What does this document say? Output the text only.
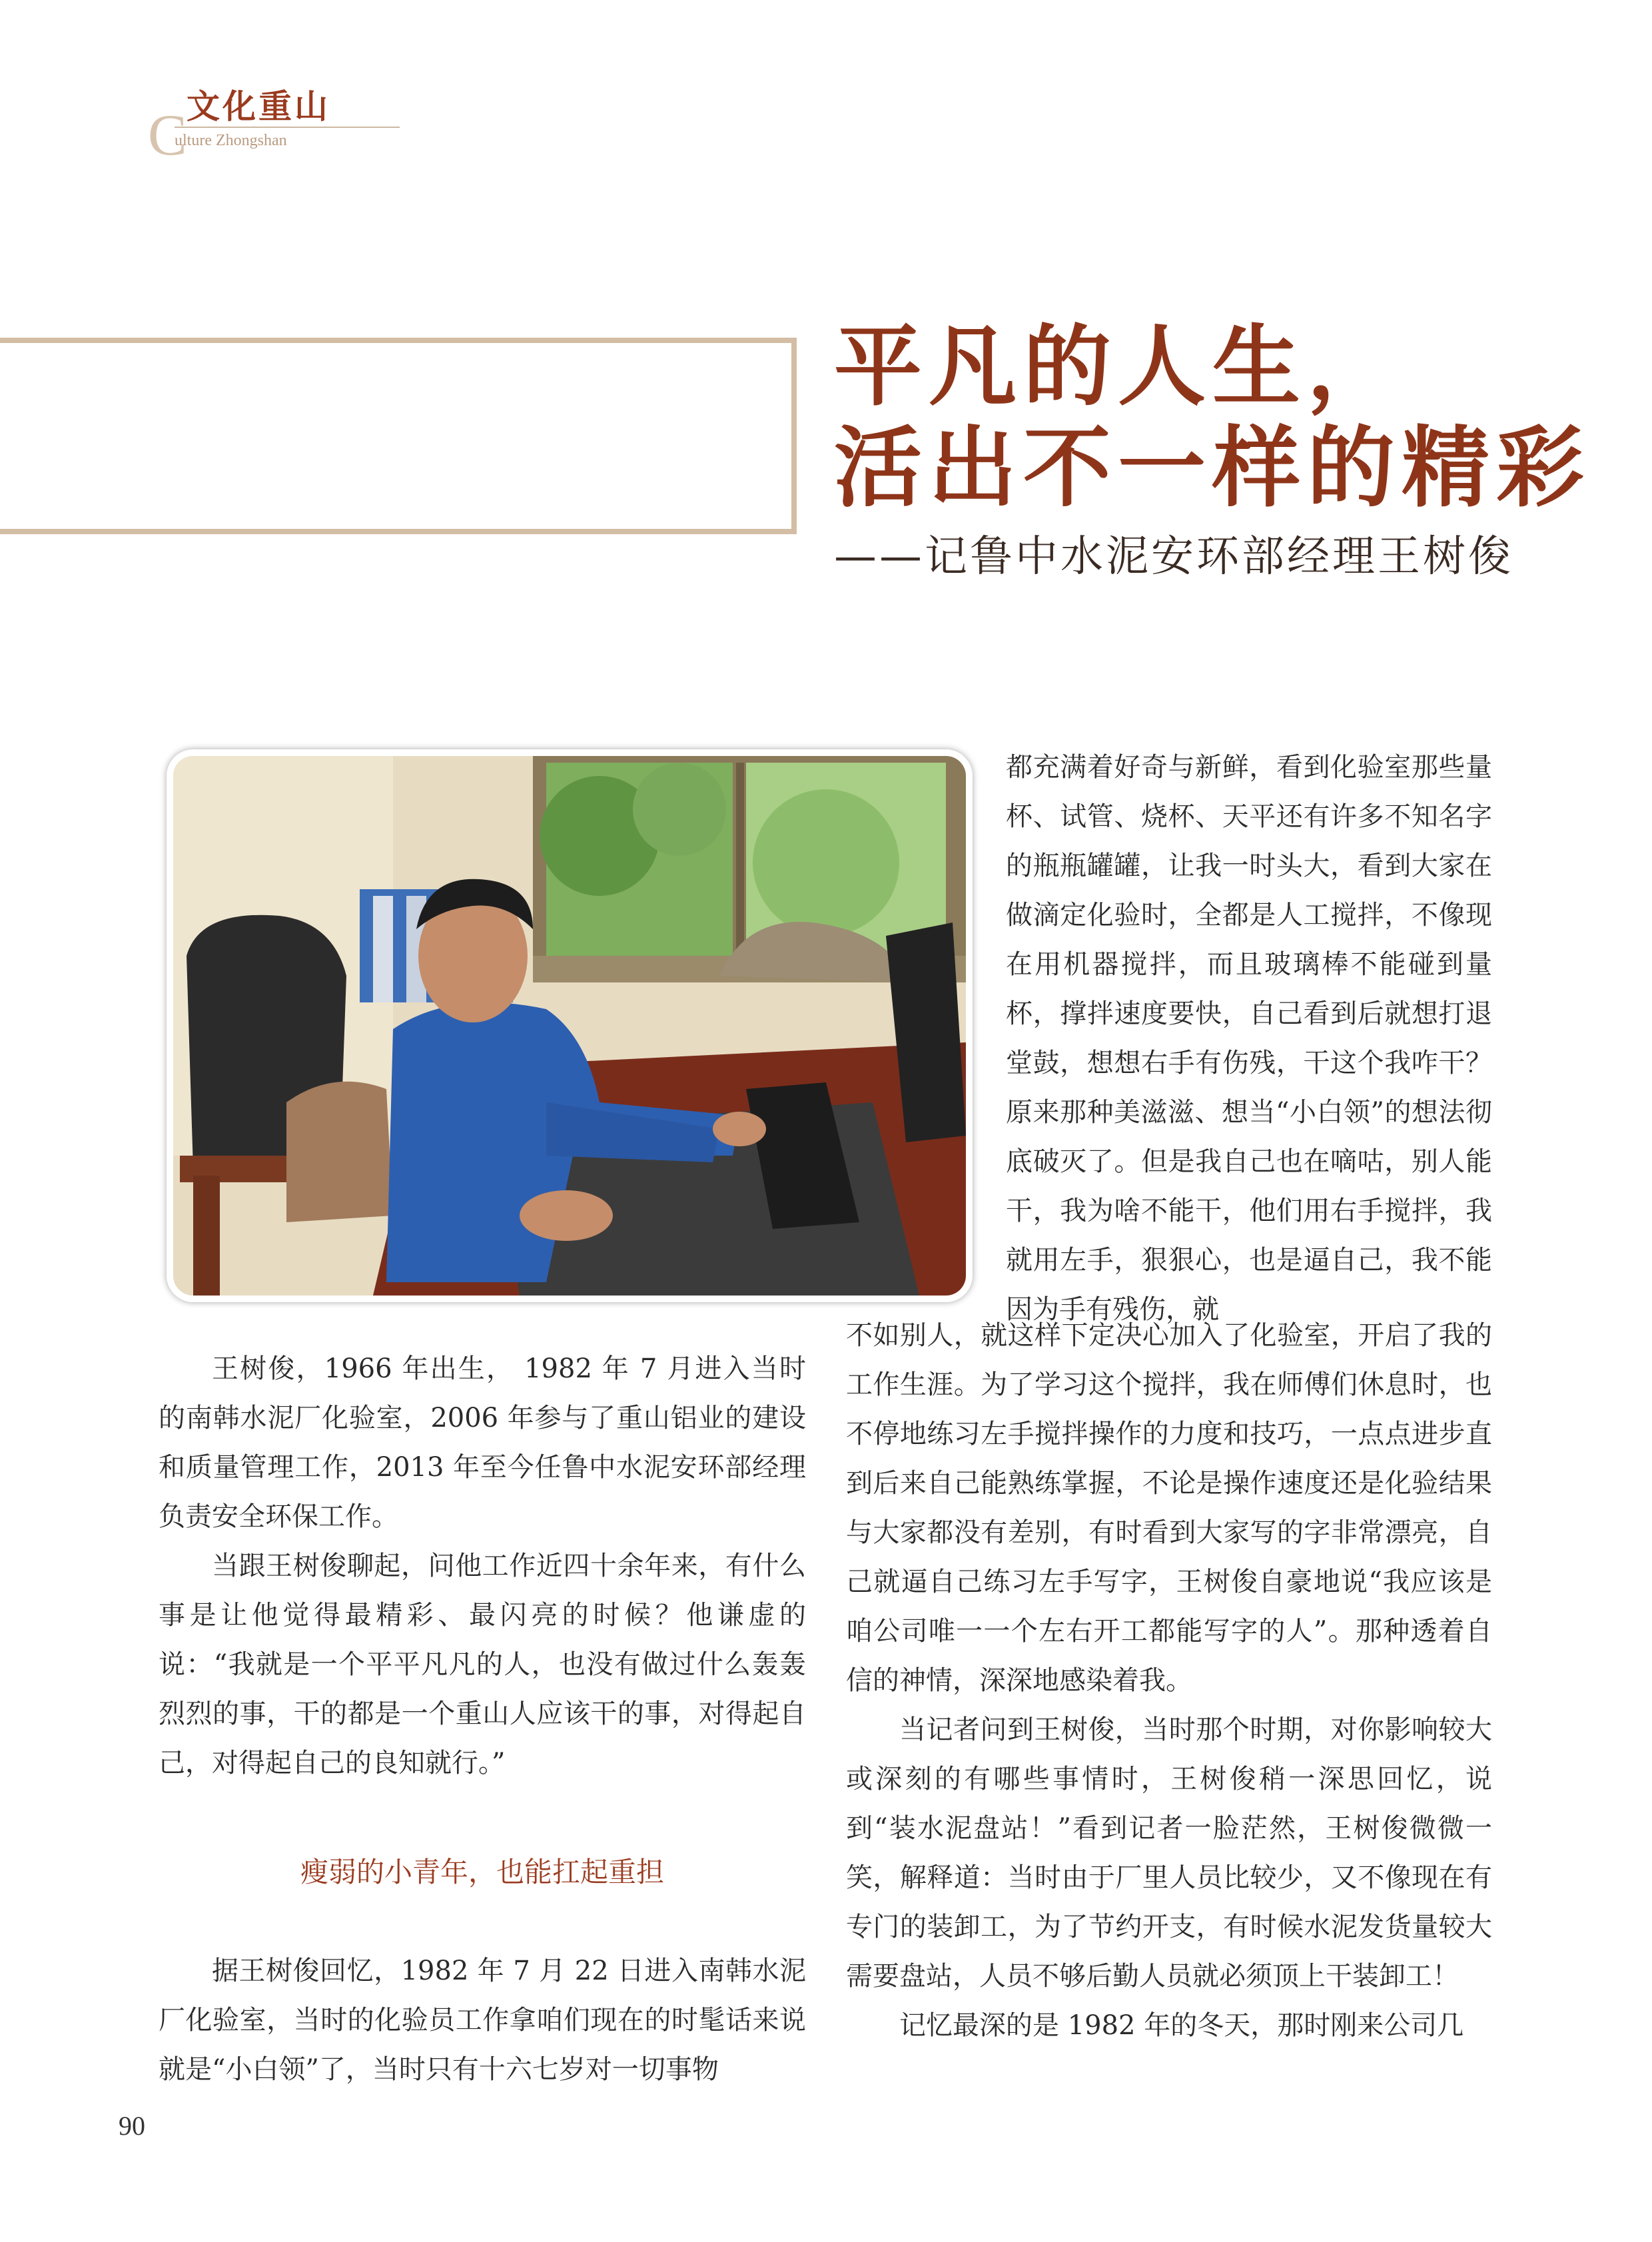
文化重山
C
ulture Zhongshan
平凡的人生，
活出不一样的精彩
——记鲁中水泥安环部经理王树俊

都充满着好奇与新鲜，看到化验室那些量杯、试管、烧杯、天平还有许多不知名字的瓶瓶罐罐，让我一时头大，看到大家在做滴定化验时，全都是人工搅拌，不像现在用机器搅拌，而且玻璃棒不能碰到量杯，撑拌速度要快，自己看到后就想打退堂鼓，想想右手有伤残，干这个我咋干？原来那种美滋滋、想当“小白领”的想法彻底破灭了。但是我自己也在嘀咕，别人能干，我为啥不能干，他们用右手搅拌，我就用左手，狠狠心，也是逼自己，我不能因为手有残伤，就

王树俊，1966 年出生， 1982 年 7 月进入当时的南韩水泥厂化验室，2006 年参与了重山铝业的建设和质量管理工作，2013 年至今任鲁中水泥安环部经理负责安全环保工作。

当跟王树俊聊起，问他工作近四十余年来，有什么事是让他觉得最精彩、最闪亮的时候？他谦虚的说：“我就是一个平平凡凡的人，也没有做过什么轰轰烈烈的事，干的都是一个重山人应该干的事，对得起自己，对得起自己的良知就行。”

瘦弱的小青年，也能扛起重担

据王树俊回忆，1982 年 7 月 22 日进入南韩水泥厂化验室，当时的化验员工作拿咱们现在的时髦话来说就是“小白领”了，当时只有十六七岁对一切事物

不如别人，就这样下定决心加入了化验室，开启了我的工作生涯。为了学习这个搅拌，我在师傅们休息时，也不停地练习左手搅拌操作的力度和技巧，一点点进步直到后来自己能熟练掌握，不论是操作速度还是化验结果与大家都没有差别，有时看到大家写的字非常漂亮，自己就逼自己练习左手写字，王树俊自豪地说“我应该是咱公司唯一一个左右开工都能写字的人”。那种透着自信的神情，深深地感染着我。

当记者问到王树俊，当时那个时期，对你影响较大或深刻的有哪些事情时，王树俊稍一深思回忆，说到“装水泥盘站！”看到记者一脸茫然，王树俊微微一笑，解释道：当时由于厂里人员比较少，又不像现在有专门的装卸工，为了节约开支，有时候水泥发货量较大需要盘站，人员不够后勤人员就必须顶上干装卸工！

记忆最深的是 1982 年的冬天，那时刚来公司几

90
